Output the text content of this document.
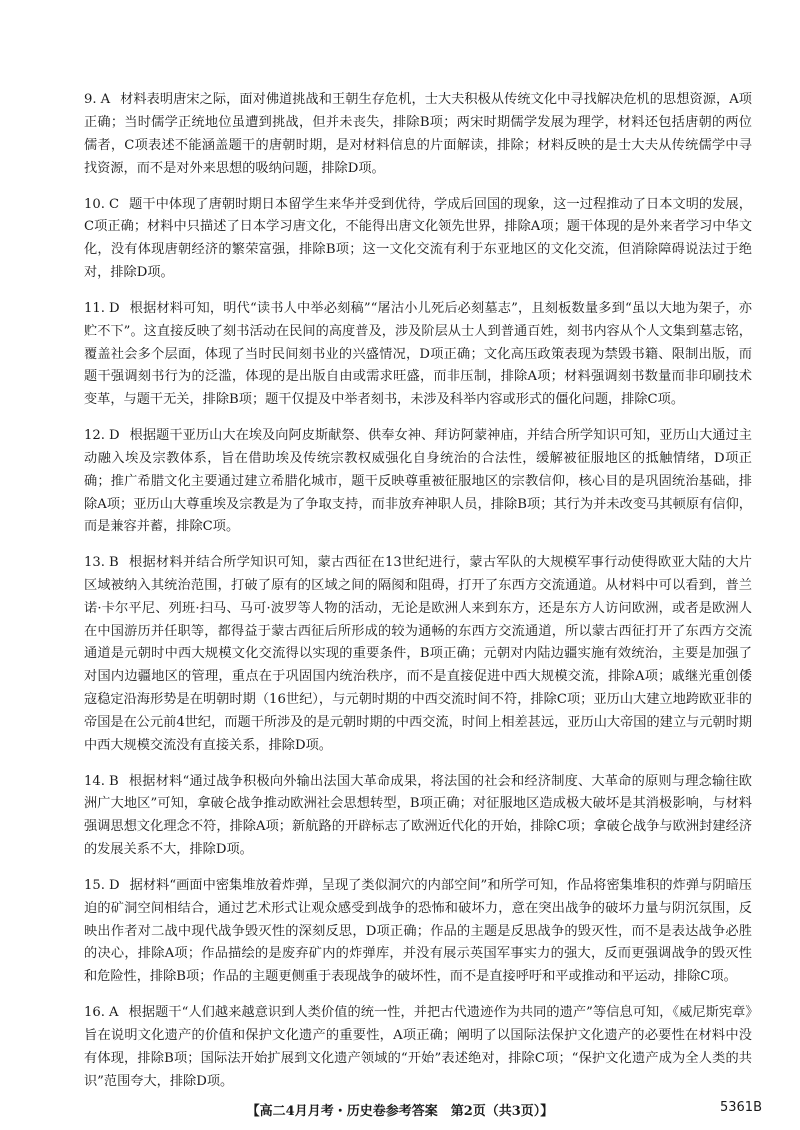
9. A 材料表明唐宋之际，面对佛道挑战和王朝生存危机，士大夫积极从传统文化中寻找解决危机的思想资源，A项正确；当时儒学正统地位虽遭到挑战，但并未丧失，排除B项；两宋时期儒学发展为理学，材料还包括唐朝的两位儒者，C项表述不能涵盖题干的唐朝时期，是对材料信息的片面解读，排除；材料反映的是士大夫从传统儒学中寻找资源，而不是对外来思想的吸纳问题，排除D项。

10. C 题干中体现了唐朝时期日本留学生来华并受到优待，学成后回国的现象，这一过程推动了日本文明的发展，C项正确；材料中只描述了日本学习唐文化，不能得出唐文化领先世界，排除A项；题干体现的是外来者学习中华文化，没有体现唐朝经济的繁荣富强，排除B项；这一文化交流有利于东亚地区的文化交流，但消除障碍说法过于绝对，排除D项。

11. D 根据材料可知，明代“读书人中举必刻稿”“屠沽小儿死后必刻墓志”，且刻板数量多到“虽以大地为架子，亦贮不下”。这直接反映了刻书活动在民间的高度普及，涉及阶层从士人到普通百姓，刻书内容从个人文集到墓志铭，覆盖社会多个层面，体现了当时民间刻书业的兴盛情况，D项正确；文化高压政策表现为禁毁书籍、限制出版，而题干强调刻书行为的泛滥，体现的是出版自由或需求旺盛，而非压制，排除A项；材料强调刻书数量而非印刷技术变革，与题干无关，排除B项；题干仅提及中举者刻书，未涉及科举内容或形式的僵化问题，排除C项。

12. D 根据题干亚历山大在埃及向阿皮斯献祭、供奉女神、拜访阿蒙神庙，并结合所学知识可知，亚历山大通过主动融入埃及宗教体系，旨在借助埃及传统宗教权威强化自身统治的合法性，缓解被征服地区的抵触情绪，D项正确；推广希腊文化主要通过建立希腊化城市，题干反映尊重被征服地区的宗教信仰，核心目的是巩固统治基础，排除A项；亚历山大尊重埃及宗教是为了争取支持，而非放弃神职人员，排除B项；其行为并未改变马其顿原有信仰，而是兼容并蓄，排除C项。

13. B 根据材料并结合所学知识可知，蒙古西征在13世纪进行，蒙古军队的大规模军事行动使得欧亚大陆的大片区域被纳入其统治范围，打破了原有的区域之间的隔阂和阻碍，打开了东西方交流通道。从材料中可以看到，普兰诺·卡尔平尼、列班·扫马、马可·波罗等人物的活动，无论是欧洲人来到东方，还是东方人访问欧洲，或者是欧洲人在中国游历并任职等，都得益于蒙古西征后所形成的较为通畅的东西方交流通道，所以蒙古西征打开了东西方交流通道是元朝时中西大规模文化交流得以实现的重要条件，B项正确；元朝对内陆边疆实施有效统治，主要是加强了对国内边疆地区的管理，重点在于巩固国内统治秩序，而不是直接促进中西大规模交流，排除A项；戚继光重创倭寇稳定沿海形势是在明朝时期（16世纪），与元朝时期的中西交流时间不符，排除C项；亚历山大建立地跨欧亚非的帝国是在公元前4世纪，而题干所涉及的是元朝时期的中西交流，时间上相差甚远，亚历山大帝国的建立与元朝时期中西大规模交流没有直接关系，排除D项。

14. B 根据材料“通过战争积极向外输出法国大革命成果，将法国的社会和经济制度、大革命的原则与理念输往欧洲广大地区”可知，拿破仑战争推动欧洲社会思想转型，B项正确；对征服地区造成极大破坏是其消极影响，与材料强调思想文化理念不符，排除A项；新航路的开辟标志了欧洲近代化的开始，排除C项；拿破仑战争与欧洲封建经济的发展关系不大，排除D项。

15. D 据材料“画面中密集堆放着炸弹，呈现了类似洞穴的内部空间”和所学可知，作品将密集堆积的炸弹与阴暗压迫的矿洞空间相结合，通过艺术形式让观众感受到战争的恐怖和破坏力，意在突出战争的破坏力量与阴沉氛围，反映出作者对二战中现代战争毁灭性的深刻反思，D项正确；作品的主题是反思战争的毁灭性，而不是表达战争必胜的决心，排除A项；作品描绘的是废弃矿内的炸弹库，并没有展示英国军事实力的强大，反而更强调战争的毁灭性和危险性，排除B项；作品的主题更侧重于表现战争的破坏性，而不是直接呼吁和平或推动和平运动，排除C项。

16. A 根据题干“人们越来越意识到人类价值的统一性，并把古代遗迹作为共同的遗产”等信息可知，《威尼斯宪章》旨在说明文化遗产的价值和保护文化遗产的重要性，A项正确；阐明了以国际法保护文化遗产的必要性在材料中没有体现，排除B项；国际法开始扩展到文化遗产领域的“开始”表述绝对，排除C项；“保护文化遗产成为全人类的共识”范围夸大，排除D项。

【高二4月月考・历史卷参考答案　第2页（共3页）】	5361B
